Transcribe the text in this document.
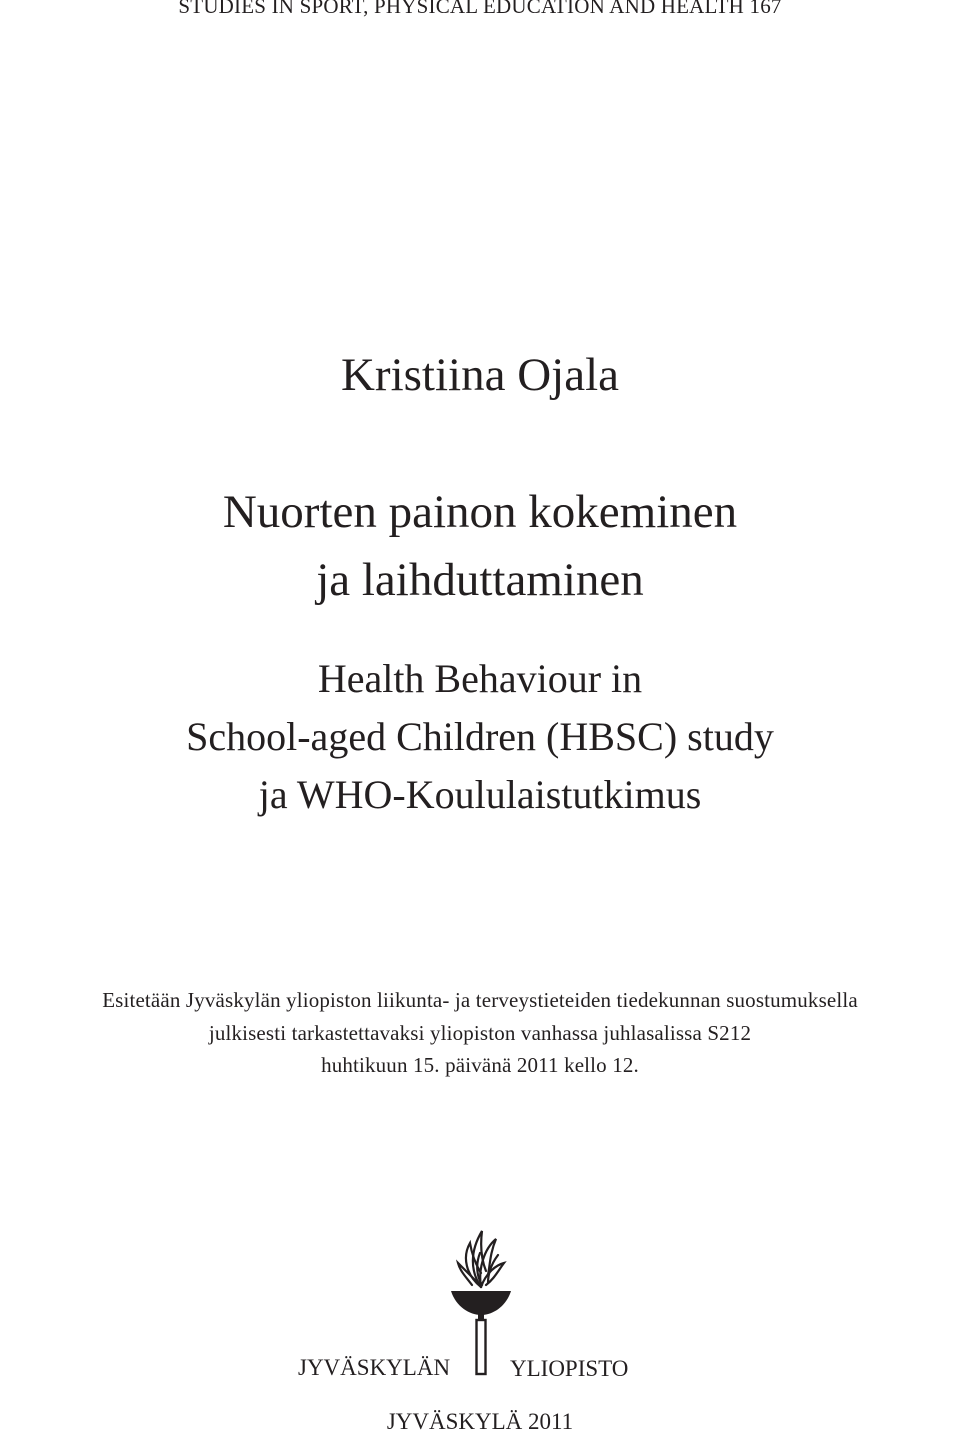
STUDIES IN SPORT, PHYSICAL EDUCATION AND HEALTH 167
Kristiina Ojala
Nuorten painon kokeminen
ja laihduttaminen
Health Behaviour in
School-aged Children (HBSC) study
ja WHO-Koululaistutkimus
Esitetään Jyväskylän yliopiston liikunta- ja terveystieteiden tiedekunnan suostumuksella
julkisesti tarkastettavaksi yliopiston vanhassa juhlasalissa S212
huhtikuun 15. päivänä 2011 kello 12.
JYVÄSKYLÄN	YLIOPISTO
JYVÄSKYLÄ 2011
